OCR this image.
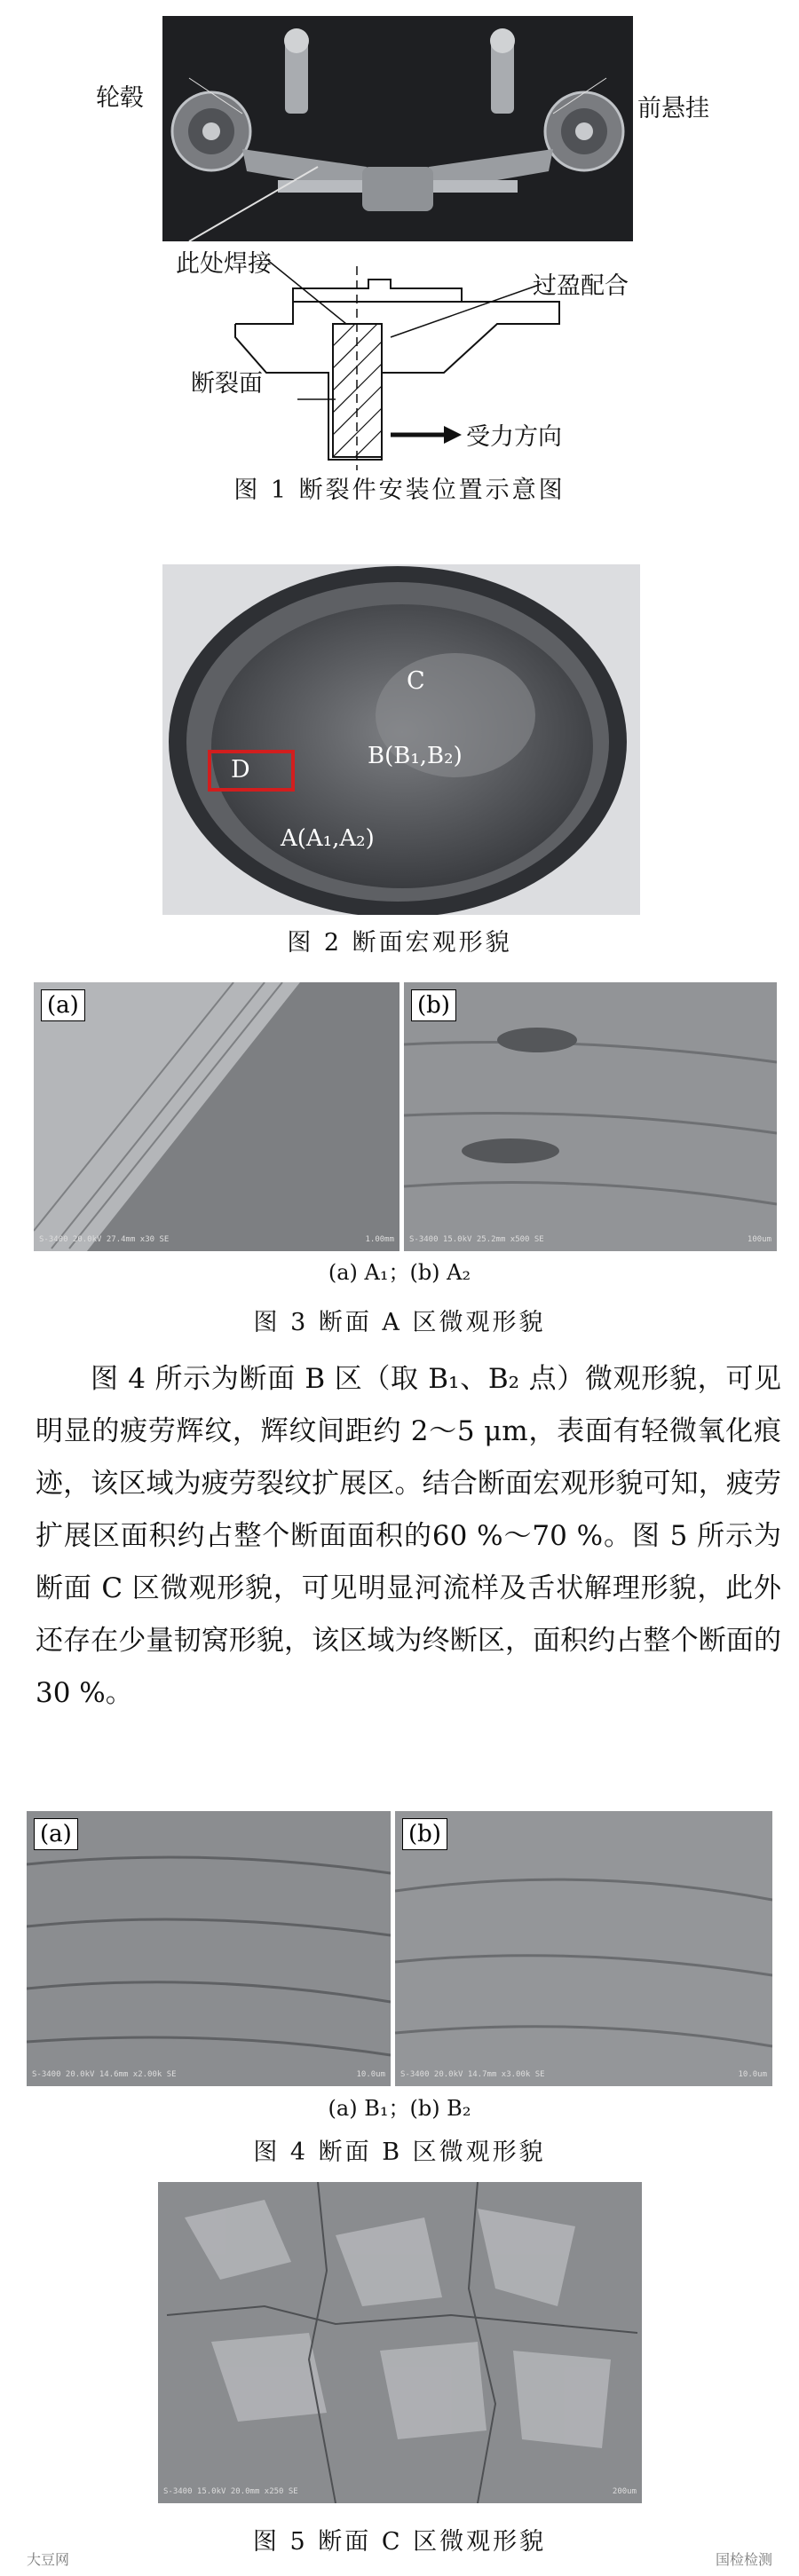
轮毂	前悬挂
此处焊接
过盈配合
断裂面
受力方向
图 1 断裂件安装位置示意图
C
D	B(B₁,B₂)
A(A₁,A₂)
图 2 断面宏观形貌
(a)
S-3400 20.0kV 27.4mm x30 SE	1.00mm
(b)
S-3400 15.0kV 25.2mm x500 SE	100um
(a) A₁；(b) A₂
图 3 断面 A 区微观形貌

图 4 所示为断面 B 区（取 B₁、B₂ 点）微观形貌，可见明显的疲劳辉纹，辉纹间距约 2～5 μm，表面有轻微氧化痕迹，该区域为疲劳裂纹扩展区。结合断面宏观形貌可知，疲劳扩展区面积约占整个断面面积的60 %～70 %。图 5 所示为断面 C 区微观形貌，可见明显河流样及舌状解理形貌，此外还存在少量韧窝形貌，该区域为终断区，面积约占整个断面的30 %。

(a)
S-3400 20.0kV 14.6mm x2.00k SE	10.0um
(b)
S-3400 20.0kV 14.7mm x3.00k SE	10.0um
(a) B₁；(b) B₂
图 4 断面 B 区微观形貌
S-3400 15.0kV 20.0mm x250 SE	200um
图 5 断面 C 区微观形貌
大豆网	国检检测
